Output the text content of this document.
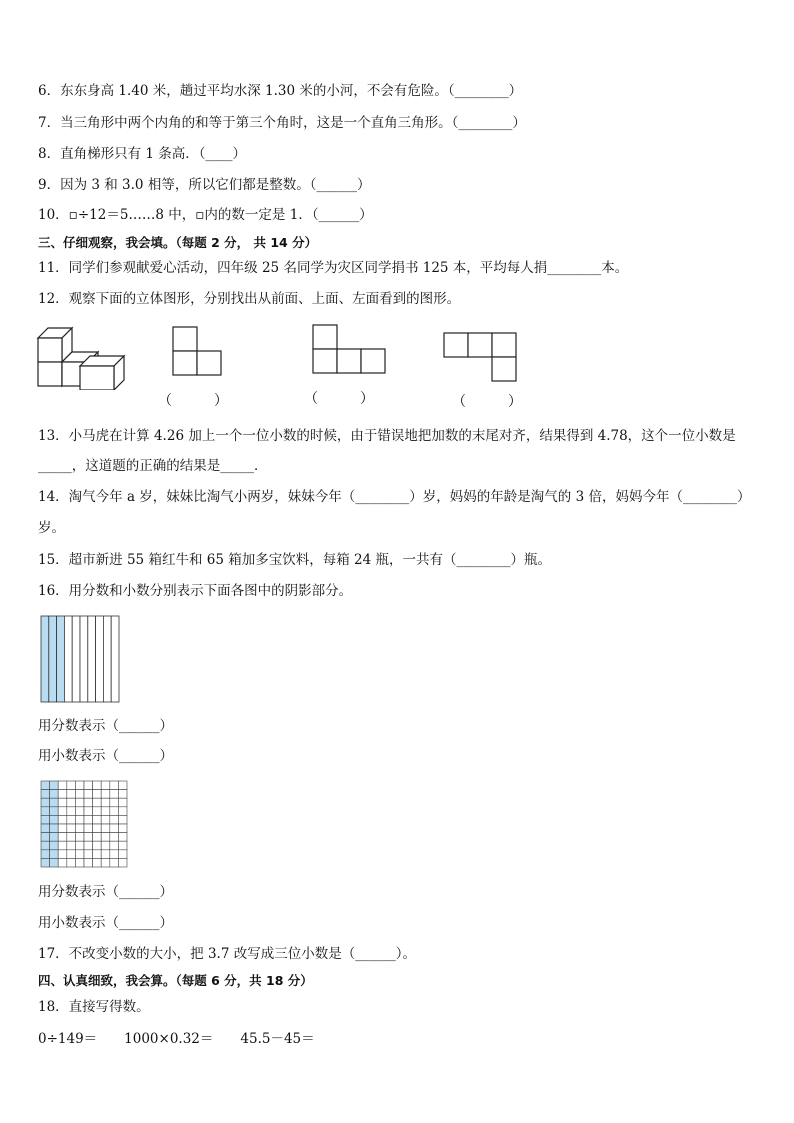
6．东东身高 1.40 米，趟过平均水深 1.30 米的小河，不会有危险。（________）
7．当三角形中两个内角的和等于第三个角时，这是一个直角三角形。（________）
8．直角梯形只有 1 条高．（____）
9．因为 3 和 3.0 相等，所以它们都是整数。（______）
10．▫÷12＝5……8 中，▫内的数一定是 1．（______）
三、仔细观察，我会填。（每题 2 分， 共 14 分）
11．同学们参观献爱心活动，四年级 25 名同学为灾区同学捐书 125 本，平均每人捐________本。
12．观察下面的立体图形，分别找出从前面、上面、左面看到的图形。
（　　　）	（　　　）	（　　　）
13．小马虎在计算 4.26 加上一个一位小数的时候，由于错误地把加数的末尾对齐，结果得到 4.78，这个一位小数是
_____，这道题的正确的结果是_____．
14．淘气今年 a 岁，妹妹比淘气小两岁，妹妹今年（________）岁，妈妈的年龄是淘气的 3 倍，妈妈今年（________）
岁。
15．超市新进 55 箱红牛和 65 箱加多宝饮料，每箱 24 瓶，一共有（________）瓶。
16．用分数和小数分别表示下面各图中的阴影部分。
用分数表示（______）
用小数表示（______）
用分数表示（______）
用小数表示（______）
17．不改变小数的大小，把 3.7 改写成三位小数是（______）。
四、认真细致，我会算。（每题 6 分，共 18 分）
18．直接写得数。
0÷149＝　　1000×0.32＝　　45.5－45＝
